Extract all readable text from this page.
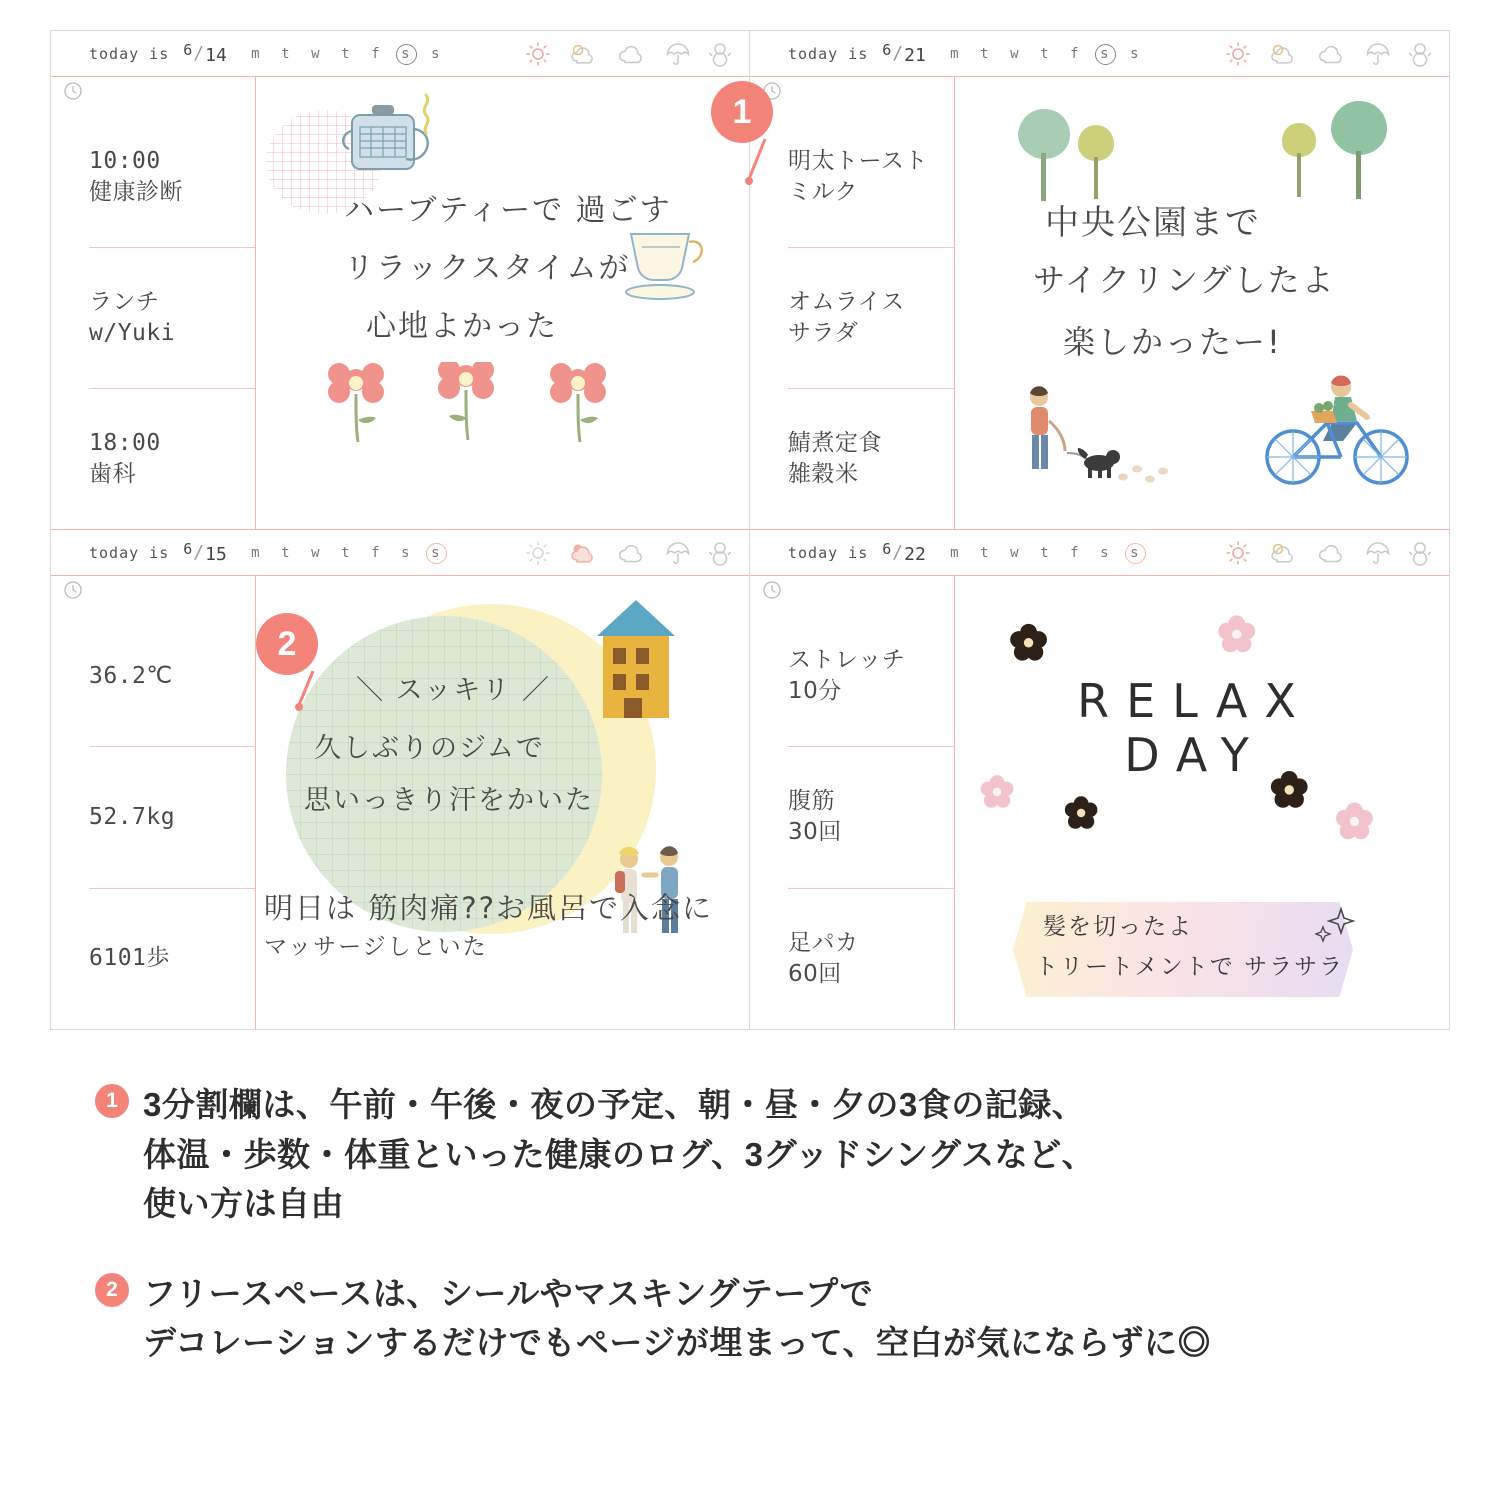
today is $^6$/14 m t w t f s s
10:00
健康診断
ランチ
w/Yuki
18:00
歯科
ハーブティーで 過ごす
リラックスタイムが
心地よかった
today is $^6$/15 m t w t f s s
36.2℃
52.7kg
6101歩
＼ スッキリ ／
久しぶりのジムで
思いっきり汗をかいた
明日は 筋肉痛??お風呂で入念に
マッサージしといた
today is $^6$/21 m t w t f s s
明太トースト
ミルク
オムライス
サラダ
鯖煮定食
雑穀米
中央公園まで
サイクリングしたよ
楽しかったー!
today is $^6$/22 m t w t f s s
ストレッチ
10分
腹筋
30回
足パカ
60回
RELAX DAY
髪を切ったよ
トリートメントで サラサラ
1
2
1 3分割欄は、午前・午後・夜の予定、朝・昼・夕の3食の記録、
体温・歩数・体重といった健康のログ、3グッドシングスなど、
使い方は自由
2 フリースペースは、シールやマスキングテープで
デコレーションするだけでもページが埋まって、空白が気にならずに◎
